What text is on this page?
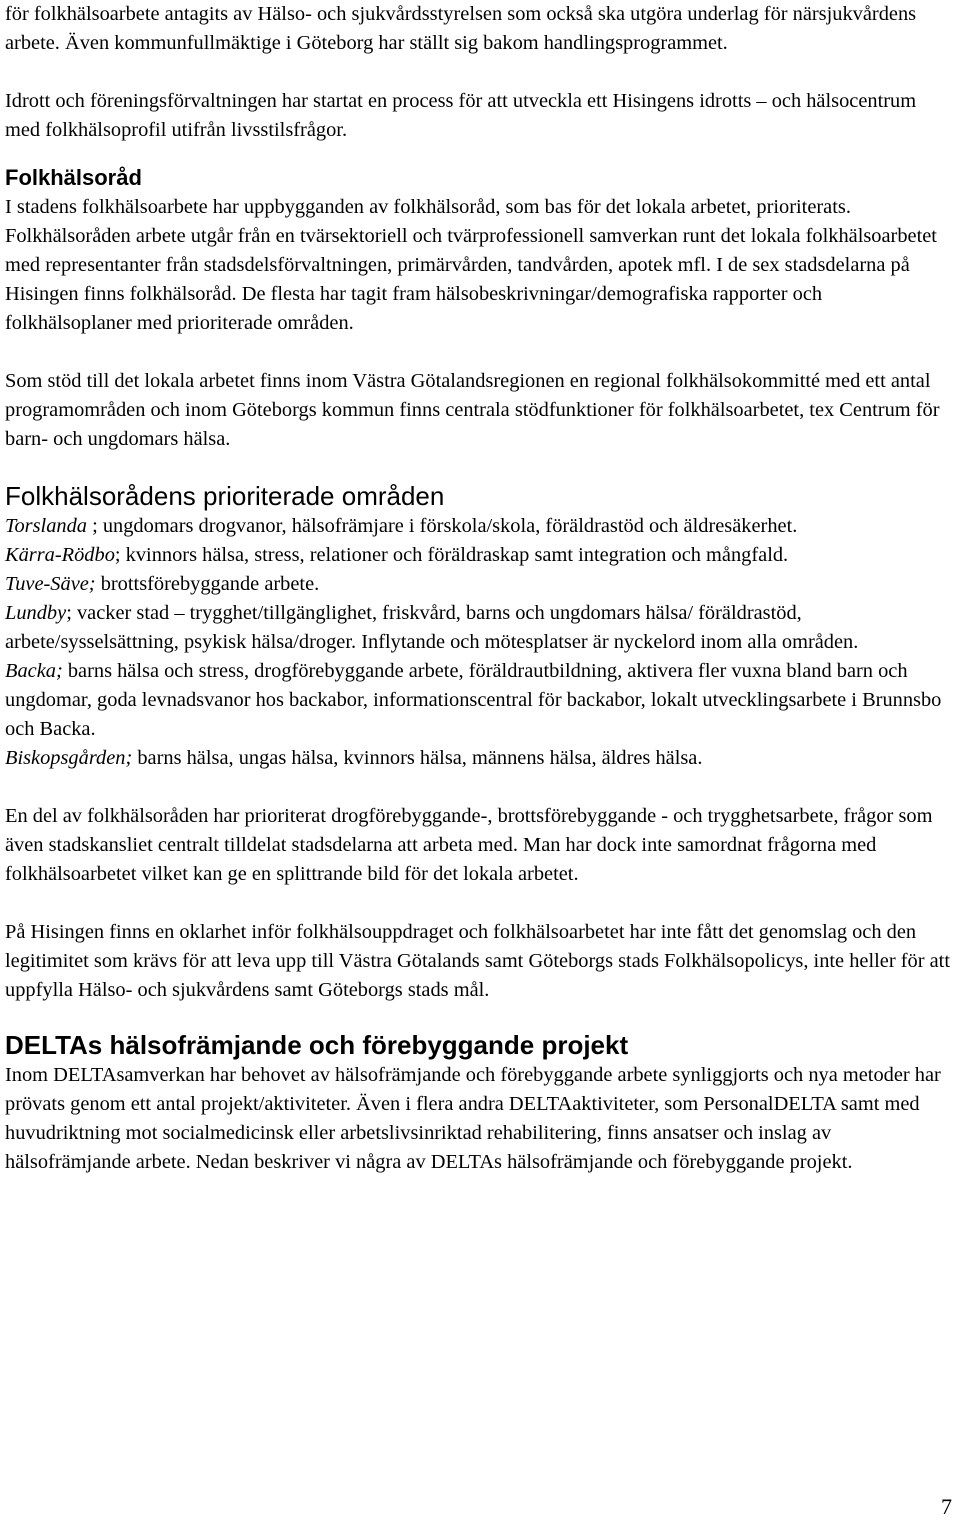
för folkhälsoarbete antagits av Hälso- och sjukvårdsstyrelsen som också ska utgöra underlag för närsjukvårdens arbete. Även kommunfullmäktige i Göteborg har ställt sig bakom handlingsprogrammet.

Idrott och föreningsförvaltningen har startat en process för att utveckla ett Hisingens idrotts – och hälsocentrum med folkhälsoprofil utifrån livsstilsfrågor.

Folkhälsoråd

I stadens folkhälsoarbete har uppbygganden av folkhälsoråd, som bas för det lokala arbetet, prioriterats. Folkhälsoråden arbete utgår från en tvärsektoriell och tvärprofessionell samverkan runt det lokala folkhälsoarbetet med representanter från stadsdelsförvaltningen, primärvården, tandvården, apotek mfl. I de sex stadsdelarna på Hisingen finns folkhälsoråd. De flesta har tagit fram hälsobeskrivningar/demografiska rapporter och folkhälsoplaner med prioriterade områden.

Som stöd till det lokala arbetet finns inom Västra Götalandsregionen en regional folkhälsokommitté med ett antal programområden och inom Göteborgs kommun finns centrala stödfunktioner för folkhälsoarbetet, tex Centrum för barn- och ungdomars hälsa.

Folkhälsorådens prioriterade områden

Torslanda ; ungdomars drogvanor, hälsofrämjare i förskola/skola, föräldrastöd och äldresäkerhet.

Kärra-Rödbo; kvinnors hälsa, stress, relationer och föräldraskap samt integration och mångfald.

Tuve-Säve; brottsförebyggande arbete.

Lundby; vacker stad – trygghet/tillgänglighet, friskvård, barns och ungdomars hälsa/ föräldrastöd, arbete/sysselsättning, psykisk hälsa/droger. Inflytande och mötesplatser är nyckelord inom alla områden.

Backa; barns hälsa och stress, drogförebyggande arbete, föräldrautbildning, aktivera fler vuxna bland barn och ungdomar, goda levnadsvanor hos backabor, informationscentral för backabor, lokalt utvecklingsarbete i Brunnsbo och Backa.

Biskopsgården; barns hälsa, ungas hälsa, kvinnors hälsa, männens hälsa, äldres hälsa.

En del av folkhälsoråden har prioriterat drogförebyggande-, brottsförebyggande - och trygghetsarbete, frågor som även stadskansliet centralt tilldelat stadsdelarna att arbeta med. Man har dock inte samordnat frågorna med folkhälsoarbetet vilket kan ge en splittrande bild för det lokala arbetet.

På Hisingen finns en oklarhet inför folkhälsouppdraget och folkhälsoarbetet har inte fått det genomslag och den legitimitet som krävs för att leva upp till Västra Götalands samt Göteborgs stads Folkhälsopolicys, inte heller för att uppfylla Hälso- och sjukvårdens samt Göteborgs stads mål.

DELTAs hälsofrämjande och förebyggande projekt

Inom DELTAsamverkan har behovet av hälsofrämjande och förebyggande arbete synliggjorts och nya metoder har prövats genom ett antal projekt/aktiviteter. Även i flera andra DELTAaktiviteter, som PersonalDELTA samt med huvudriktning mot socialmedicinsk eller arbetslivsinriktad rehabilitering, finns ansatser och inslag av hälsofrämjande arbete. Nedan beskriver vi några av DELTAs hälsofrämjande och förebyggande projekt.

7
